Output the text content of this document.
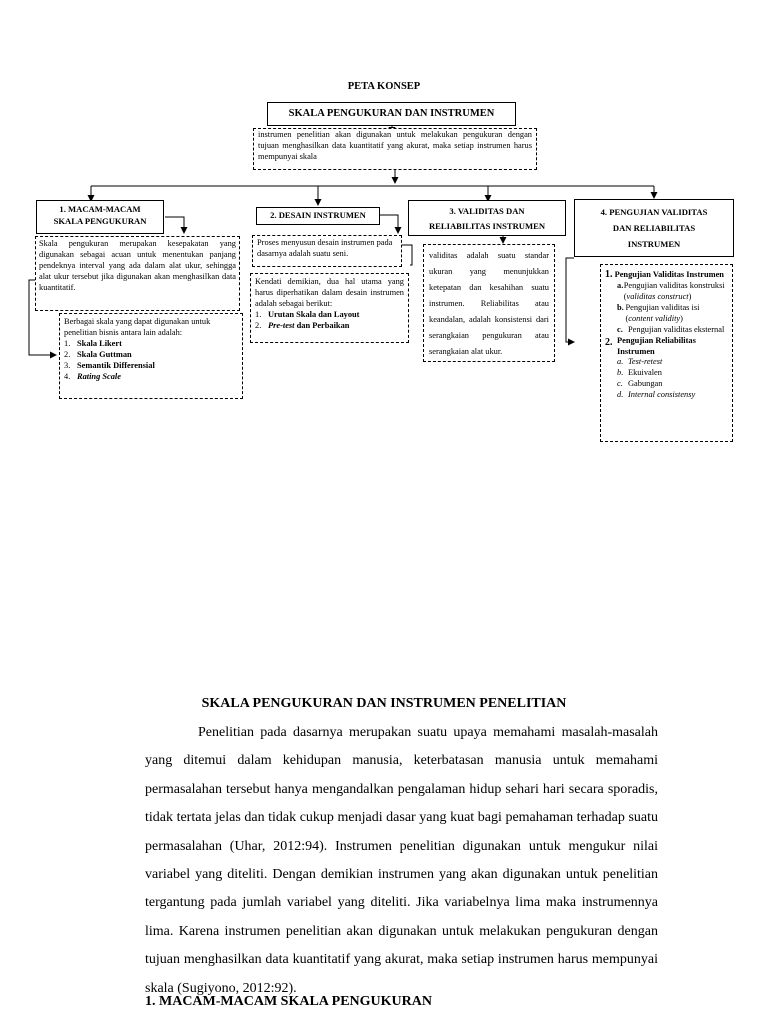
PETA KONSEP
SKALA PENGUKURAN DAN INSTRUMEN
instrumen penelitian akan digunakan untuk melakukan pengukuran dengan tujuan menghasilkan data kuantitatif yang akurat, maka setiap instrumen harus mempunyai skala
1. MACAM-MACAM
SKALA PENGUKURAN
Skala pengukuran merupakan kesepakatan yang digunakan sebagai acuan untuk menentukan panjang pendeknya interval yang ada dalam alat ukur, sehingga alat ukur tersebut jika digunakan akan menghasilkan data kuantitatif.
Berbagai skala yang dapat digunakan untuk penelitian bisnis antara lain adalah:
1. Skala Likert
2. Skala Guttman
3. Semantik Differensial
4. Rating Scale
2. DESAIN INSTRUMEN
Proses menyusun desain instrumen pada dasarnya adalah suatu seni.
Kendati demikian, dua hal utama yang harus diperhatikan dalam desain instrumen adalah sebagai berikut:
1. Urutan Skala dan Layout
2. Pre-test dan Perbaikan
3. VALIDITAS DAN
RELIABILITAS INSTRUMEN
validitas adalah suatu standar ukuran yang menunjukkan ketepatan dan kesahihan suatu instrumen. Reliabilitas atau keandalan, adalah konsistensi dari serangkaian pengukuran atau serangkaian alat ukur.
4. PENGUJIAN VALIDITAS
DAN RELIABILITAS
INSTRUMEN
1. Pengujian Validitas Instrumen
a. Pengujian validitas konstruksi (validitas construct)
b. Pengujian validitas isi (content validity)
c. Pengujian validitas eksternal
2. Pengujian Reliabilitas Instrumen
a. Test-retest
b. Ekuivalen
c. Gabungan
d. Internal consistensy
SKALA PENGUKURAN DAN INSTRUMEN PENELITIAN
Penelitian pada dasarnya merupakan suatu upaya memahami masalah-masalah yang ditemui dalam kehidupan manusia, keterbatasan manusia untuk memahami permasalahan tersebut hanya mengandalkan pengalaman hidup sehari hari secara sporadis, tidak tertata jelas dan tidak cukup menjadi dasar yang kuat bagi pemahaman terhadap suatu permasalahan (Uhar, 2012:94). Instrumen penelitian digunakan untuk mengukur nilai variabel yang diteliti. Dengan demikian instrumen yang akan digunakan untuk penelitian tergantung pada jumlah variabel yang diteliti. Jika variabelnya lima maka instrumennya lima. Karena instrumen penelitian akan digunakan untuk melakukan pengukuran dengan tujuan menghasilkan data kuantitatif yang akurat, maka setiap instrumen harus mempunyai skala (Sugiyono, 2012:92).
1. MACAM-MACAM SKALA PENGUKURAN
